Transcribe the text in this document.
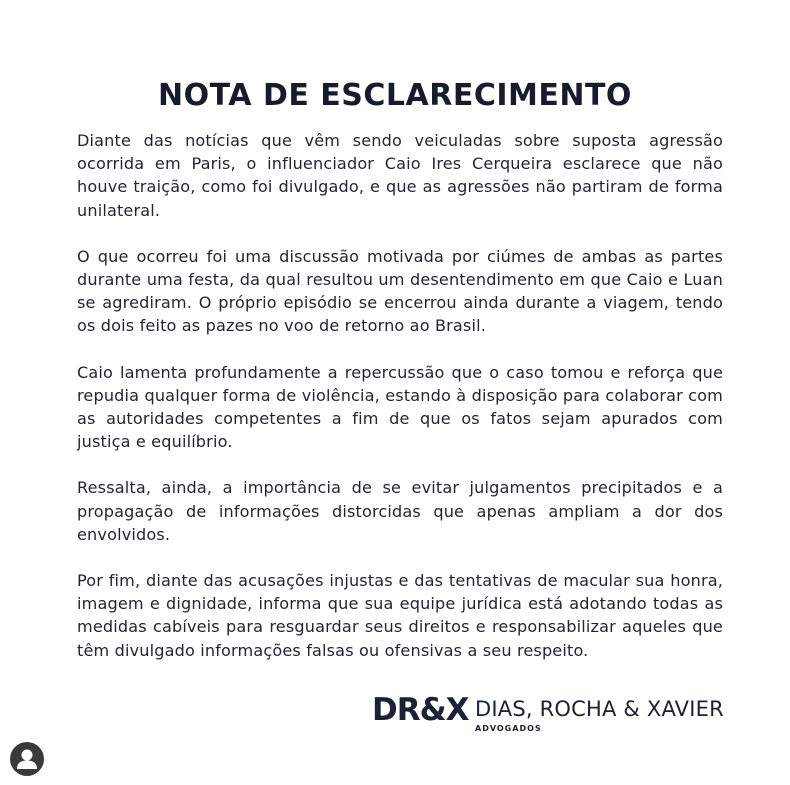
NOTA DE ESCLARECIMENTO

Diante das notícias que vêm sendo veiculadas sobre suposta agressão ocorrida em Paris, o influenciador Caio Ires Cerqueira esclarece que não houve traição, como foi divulgado, e que as agressões não partiram de forma unilateral.

O que ocorreu foi uma discussão motivada por ciúmes de ambas as partes durante uma festa, da qual resultou um desentendimento em que Caio e Luan se agrediram. O próprio episódio se encerrou ainda durante a viagem, tendo os dois feito as pazes no voo de retorno ao Brasil.

Caio lamenta profundamente a repercussão que o caso tomou e reforça que repudia qualquer forma de violência, estando à disposição para colaborar com as autoridades competentes a fim de que os fatos sejam apurados com justiça e equilíbrio.

Ressalta, ainda, a importância de se evitar julgamentos precipitados e a propagação de informações distorcidas que apenas ampliam a dor dos envolvidos.

Por fim, diante das acusações injustas e das tentativas de macular sua honra, imagem e dignidade, informa que sua equipe jurídica está adotando todas as medidas cabíveis para resguardar seus direitos e responsabilizar aqueles que têm divulgado informações falsas ou ofensivas a seu respeito.

DR&X DIAS, ROCHA & XAVIER
ADVOGADOS
